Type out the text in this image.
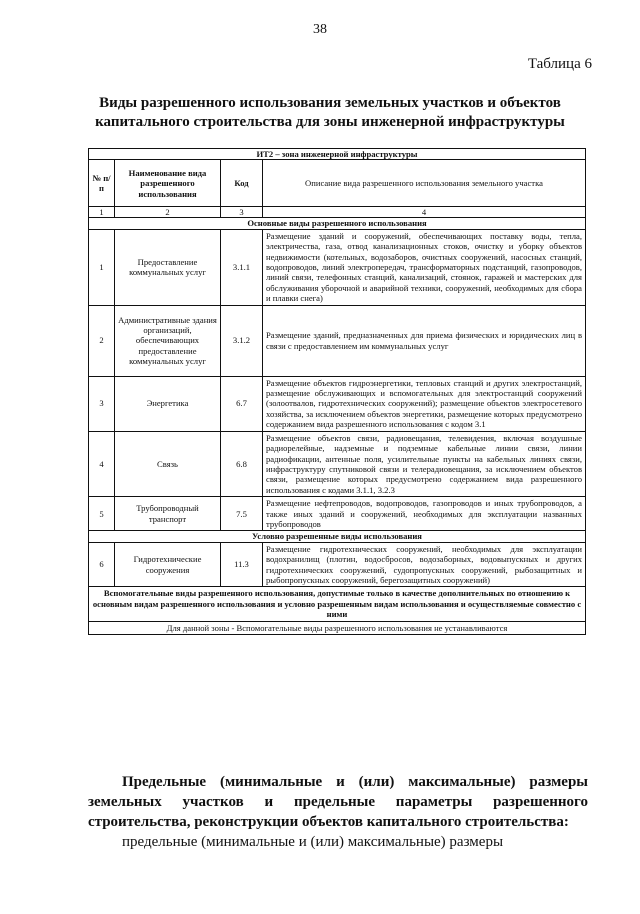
38
Таблица 6
Виды разрешенного использования земельных участков и объектов
капитального строительства для зоны инженерной инфраструктуры
ИТ2 – зона инженерной инфраструктуры			
№ п/п	Наименование вида разрешенного использования	Код	Описание вида разрешенного использования земельного участка
1	2	3	4
Основные виды разрешенного использования			
1	Предоставление коммунальных услуг	3.1.1	Размещение зданий и сооружений, обеспечивающих поставку воды, тепла, электричества, газа, отвод канализационных стоков, очистку и уборку объектов недвижимости (котельных, водозаборов, очистных сооружений, насосных станций, водопроводов, линий электропередач, трансформаторных подстанций, газопроводов, линий связи, телефонных станций, канализаций, стоянок, гаражей и мастерских для обслуживания уборочной и аварийной техники, сооружений, необходимых для сбора и плавки снега)
2	Административные здания организаций, обеспечивающих предоставление коммунальных услуг	3.1.2	Размещение зданий, предназначенных для приема физических и юридических лиц в связи с предоставлением им коммунальных услуг
3	Энергетика	6.7	Размещение объектов гидроэнергетики, тепловых станций и других электростанций, размещение обслуживающих и вспомогательных для электростанций сооружений (золоотвалов, гидротехнических сооружений); размещение объектов электросетевого хозяйства, за исключением объектов энергетики, размещение которых предусмотрено содержанием вида разрешенного использования с кодом 3.1
4	Связь	6.8	Размещение объектов связи, радиовещания, телевидения, включая воздушные радиорелейные, надземные и подземные кабельные линии связи, линии радиофикации, антенные поля, усилительные пункты на кабельных линиях связи, инфраструктуру спутниковой связи и телерадиовещания, за исключением объектов связи, размещение которых предусмотрено содержанием вида разрешенного использования с кодами 3.1.1, 3.2.3
5	Трубопроводный транспорт	7.5	Размещение нефтепроводов, водопроводов, газопроводов и иных трубопроводов, а также иных зданий и сооружений, необходимых для эксплуатации названных трубопроводов
Условно разрешенные виды использования			
6	Гидротехнические сооружения	11.3	Размещение гидротехнических сооружений, необходимых для эксплуатации водохранилищ (плотин, водосбросов, водозаборных, водовыпускных и других гидротехнических сооружений, судопропускных сооружений, рыбозащитных и рыбопропускных сооружений, берегозащитных сооружений)
Вспомогательные виды разрешенного использования, допустимые только в качестве дополнительных по отношению к основным видам разрешенного использования и условно разрешенным видам использования и осуществляемые совместно с ними			
Для данной зоны - Вспомогательные виды разрешенного использования не устанавливаются			
Предельные (минимальные и (или) максимальные) размеры земельных участков и предельные параметры разрешенного строительства, реконструкции объектов капитального строительства:
предельные (минимальные и (или) максимальные) размеры
